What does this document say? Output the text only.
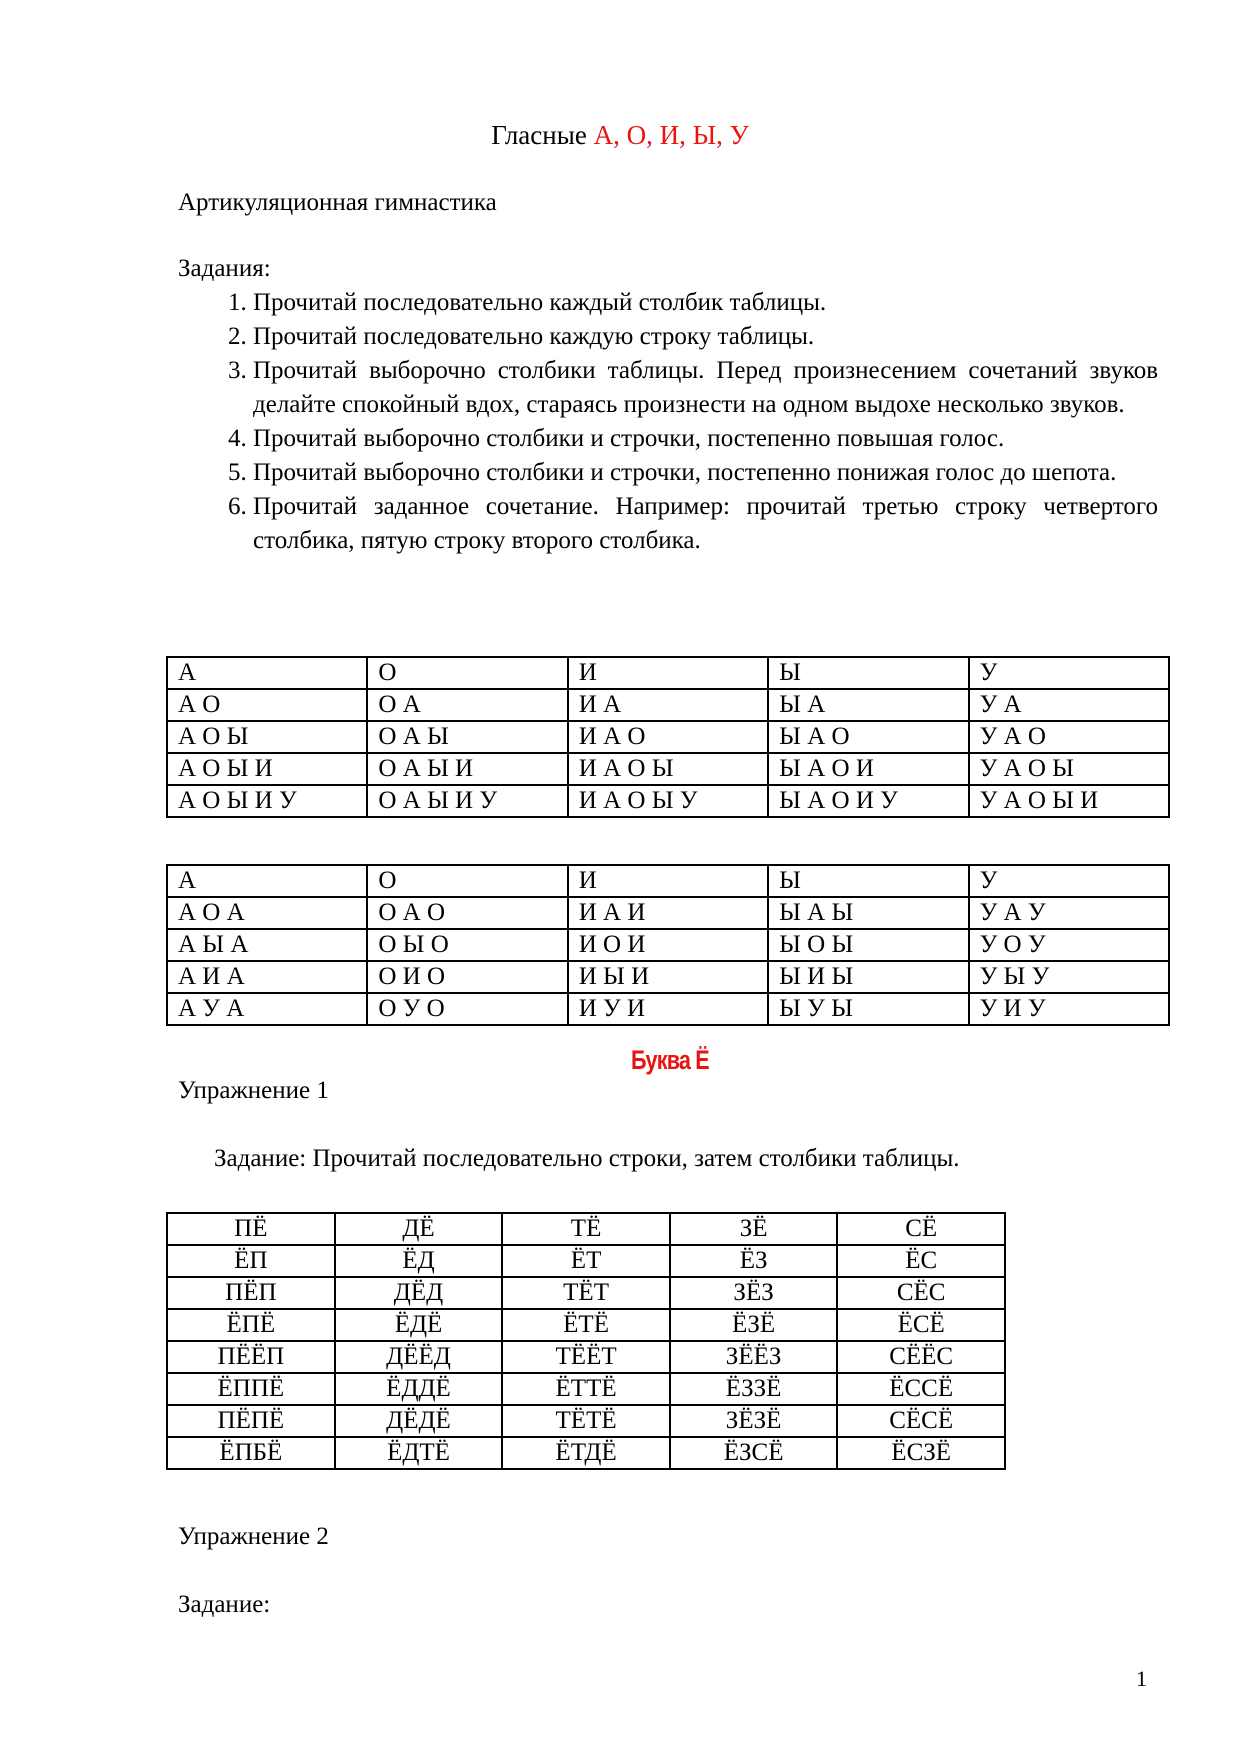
Гласные А, О, И, Ы, У
Артикуляционная гимнастика
Задания:
1. Прочитай последовательно каждый столбик таблицы.
2. Прочитай последовательно каждую строку таблицы.
3. Прочитай выборочно столбики таблицы. Перед произнесением сочетаний звуков делайте спокойный вдох, стараясь произнести на одном выдохе несколько звуков.
4. Прочитай выборочно столбики и строчки, постепенно повышая голос.
5. Прочитай выборочно столбики и строчки, постепенно понижая голос до шепота.
6. Прочитай заданное сочетание. Например: прочитай третью строку четвертого столбика, пятую строку второго столбика.
А	О	И	Ы	У
А О	О А	И А	Ы А	У А
А О Ы	О А Ы	И А О	Ы А О	У А О
А О Ы И	О А Ы И	И А О Ы	Ы А О И	У А О Ы
А О Ы И У	О А Ы И У	И А О Ы У	Ы А О И У	У А О Ы И
А	О	И	Ы	У
А О А	О А О	И А И	Ы А Ы	У А У
А Ы А	О Ы О	И О И	Ы О Ы	У О У
А И А	О И О	И Ы И	Ы И Ы	У Ы У
А У А	О У О	И У И	Ы У Ы	У И У
Буква Ё
Упражнение 1
Задание: Прочитай последовательно строки, затем столбики таблицы.
ПЁ	ДЁ	ТЁ	ЗЁ	СЁ
ЁП	ЁД	ЁТ	ЁЗ	ЁС
ПЁП	ДЁД	ТЁТ	ЗЁЗ	СЁС
ЁПЁ	ЁДЁ	ЁТЁ	ЁЗЁ	ЁСЁ
ПЁЁП	ДЁЁД	ТЁЁТ	ЗЁЁЗ	СЁЁС
ЁППЁ	ЁДДЁ	ЁТТЁ	ЁЗЗЁ	ЁССЁ
ПЁПЁ	ДЁДЁ	ТЁТЁ	ЗЁЗЁ	СЁСЁ
ЁПБЁ	ЁДТЁ	ЁТДЁ	ЁЗСЁ	ЁСЗЁ
Упражнение 2
Задание:
1
